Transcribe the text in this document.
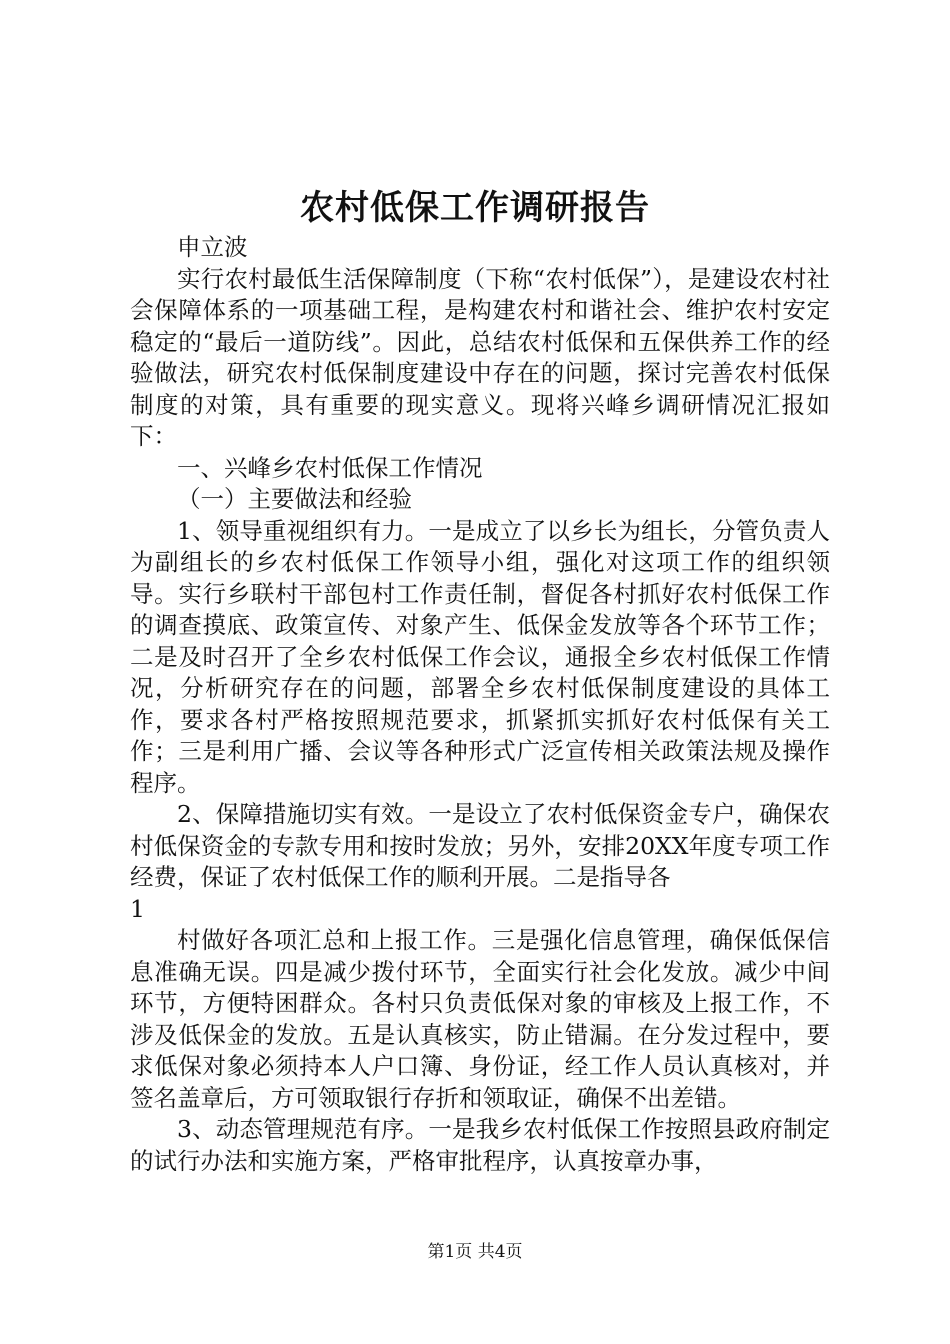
农村低保工作调研报告

申立波

实行农村最低生活保障制度（下称“农村低保”），是建设农村社会保障体系的一项基础工程，是构建农村和谐社会、维护农村安定稳定的“最后一道防线”。因此，总结农村低保和五保供养工作的经验做法，研究农村低保制度建设中存在的问题，探讨完善农村低保制度的对策，具有重要的现实意义。现将兴峰乡调研情况汇报如下：

一、兴峰乡农村低保工作情况

（一）主要做法和经验

1、领导重视组织有力。一是成立了以乡长为组长，分管负责人为副组长的乡农村低保工作领导小组，强化对这项工作的组织领导。实行乡联村干部包村工作责任制，督促各村抓好农村低保工作的调查摸底、政策宣传、对象产生、低保金发放等各个环节工作；二是及时召开了全乡农村低保工作会议，通报全乡农村低保工作情况，分析研究存在的问题，部署全乡农村低保制度建设的具体工作，要求各村严格按照规范要求，抓紧抓实抓好农村低保有关工作；三是利用广播、会议等各种形式广泛宣传相关政策法规及操作程序。

2、保障措施切实有效。一是设立了农村低保资金专户，确保农村低保资金的专款专用和按时发放；另外，安排20XX年度专项工作经费，保证了农村低保工作的顺利开展。二是指导各

1

村做好各项汇总和上报工作。三是强化信息管理，确保低保信息准确无误。四是减少拨付环节，全面实行社会化发放。减少中间环节，方便特困群众。各村只负责低保对象的审核及上报工作，不涉及低保金的发放。五是认真核实，防止错漏。在分发过程中，要求低保对象必须持本人户口簿、身份证，经工作人员认真核对，并签名盖章后，方可领取银行存折和领取证，确保不出差错。

3、动态管理规范有序。一是我乡农村低保工作按照县政府制定的试行办法和实施方案，严格审批程序，认真按章办事，

第1页 共4页
